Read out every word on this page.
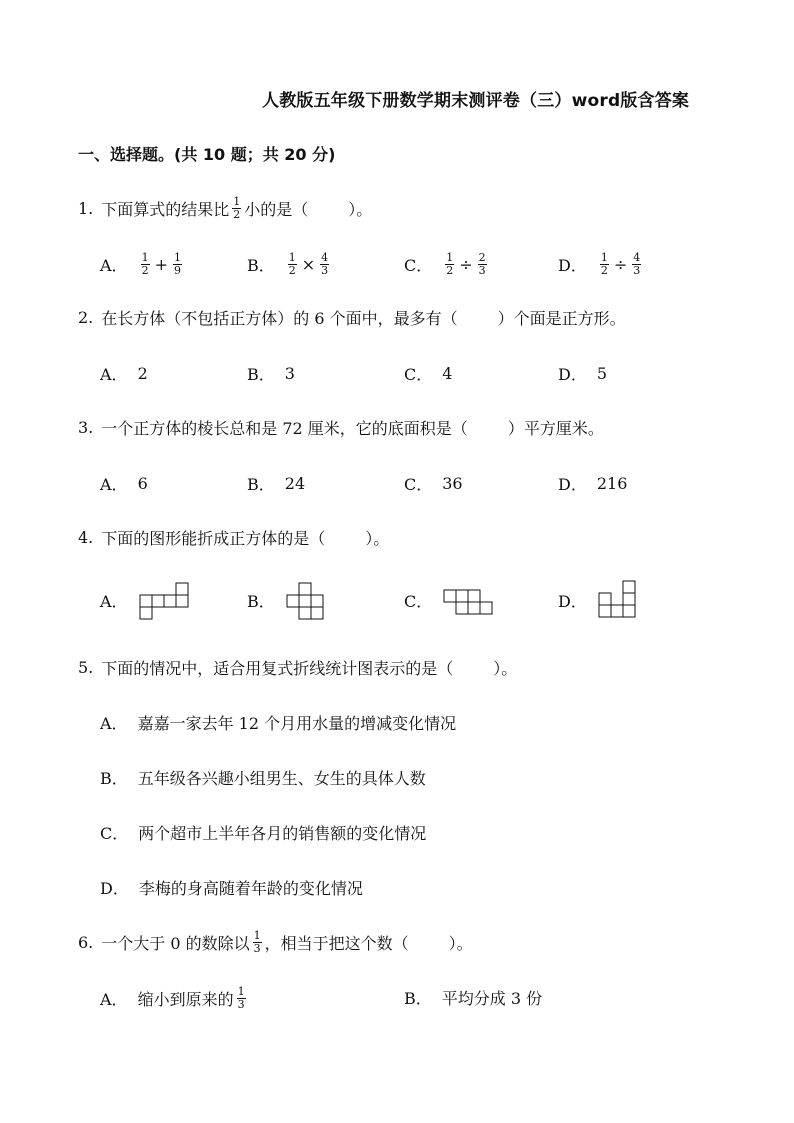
人教版五年级下册数学期末测评卷（三）word版含答案
一、选择题。(共 10 题；共 20 分)
1. 下面算式的结果比 $\frac{1}{2}$ 小的是（	）。
A． $\frac{1}{2} + \frac{1}{9}$	B． $\frac{1}{2} \times \frac{4}{3}$	C． $\frac{1}{2} \div \frac{2}{3}$	D． $\frac{1}{2} \div \frac{4}{3}$
2. 在长方体（不包括正方体）的 6 个面中，最多有（	）个面是正方形。
A． 2	B． 3	C． 4	D． 5
3. 一个正方体的棱长总和是 72 厘米，它的底面积是（	）平方厘米。
A． 6	B． 24	C． 36	D． 216
4. 下面的图形能折成正方体的是（	）。
A．	B．	C．	D．
5. 下面的情况中，适合用复式折线统计图表示的是（	）。
A． 嘉嘉一家去年 12 个月用水量的增减变化情况
B． 五年级各兴趣小组男生、女生的具体人数
C． 两个超市上半年各月的销售额的变化情况
D． 李梅的身高随着年龄的变化情况
6. 一个大于 0 的数除以 $\frac{1}{3}$ ，相当于把这个数（	）。
A． 缩小到原来的 $\frac{1}{3}$	B． 平均分成 3 份
